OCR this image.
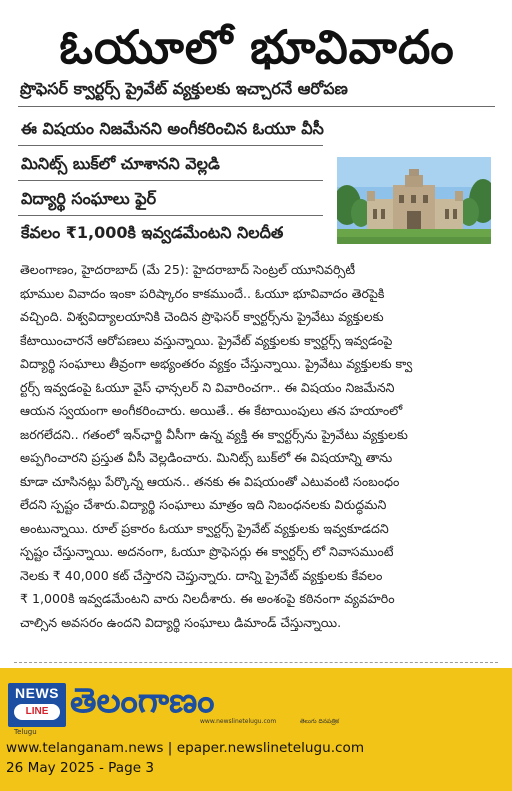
ఓయూలో భూవివాదం
ప్రొఫెసర్ క్వార్టర్స్ ప్రైవేట్ వ్యక్తులకు ఇచ్చారనే ఆరోపణ
ఈ విషయం నిజమేనని అంగీకరించిన ఓయూ వీసీ
మినిట్స్ బుక్‌లో చూశానని వెల్లడి
విద్యార్థి సంఘాలు ఫైర్
కేవలం ₹1,000కి ఇవ్వడమేంటని నిలదీత

తెలంగాణం, హైదరాబాద్ (మే 25): హైదరాబాద్ సెంట్రల్ యూనివర్సిటీ

భూముల వివాదం ఇంకా పరిష్కారం కాకముందే.. ఓయూ భూవివాదం తెరపైకి

వచ్చింది. విశ్వవిద్యాలయానికి చెందిన ప్రొఫెసర్ క్వార్టర్స్‌ను ప్రైవేటు వ్యక్తులకు

కేటాయించారనే ఆరోపణలు వస్తున్నాయి. ప్రైవేట్ వ్యక్తులకు క్వార్టర్స్ ఇవ్వడంపై

విద్యార్థి సంఘాలు తీవ్రంగా అభ్యంతరం వ్యక్తం చేస్తున్నాయి. ప్రైవేటు వ్యక్తులకు క్వా

ర్టర్స్ ఇవ్వడంపై ఓయూ వైస్ ఛాన్సలర్ ని వివారించగా.. ఈ విషయం నిజమేనని

ఆయన స్వయంగా అంగీకరించారు. అయితే.. ఈ కేటాయింపులు తన హయాంలో

జరగలేదని.. గతంలో ఇన్‌ఛార్జి వీసీగా ఉన్న వ్యక్తి ఈ క్వార్టర్స్‌ను ప్రైవేటు వ్యక్తులకు

అప్పగించారని ప్రస్తుత వీసీ వెల్లడించారు. మినిట్స్ బుక్‌లో ఈ విషయాన్ని తాను

కూడా చూసినట్లు పేర్కొన్న ఆయన.. తనకు ఈ విషయంతో ఎటువంటి సంబంధం

లేదని స్పష్టం చేశారు.విద్యార్థి సంఘాలు మాత్రం ఇది నిబంధనలకు విరుద్ధమని

అంటున్నాయి. రూల్ ప్రకారం ఓయూ క్వార్టర్స్ ప్రైవేట్ వ్యక్తులకు ఇవ్వకూడదని

స్పష్టం చేస్తున్నాయి. అదనంగా, ఓయూ ప్రొఫెసర్లు ఈ క్వార్టర్స్ లో నివాసముంటే

నెలకు ₹ 40,000 కట్ చేస్తారని చెప్తున్నారు. దాన్ని ప్రైవేట్ వ్యక్తులకు కేవలం

₹ 1,000కి ఇవ్వడమేంటని వారు నిలదీశారు. ఈ అంశంపై కఠినంగా వ్యవహరిం

చాల్సిన అవసరం ఉందని విద్యార్థి సంఘాలు డిమాండ్ చేస్తున్నాయి.

NEWS
LINE
Telugu
తెలంగాణం
www.newslinetelugu.com	తెలుగు దినపత్రిక
www.telanganam.news | epaper.newslinetelugu.com
26 May 2025 - Page 3
